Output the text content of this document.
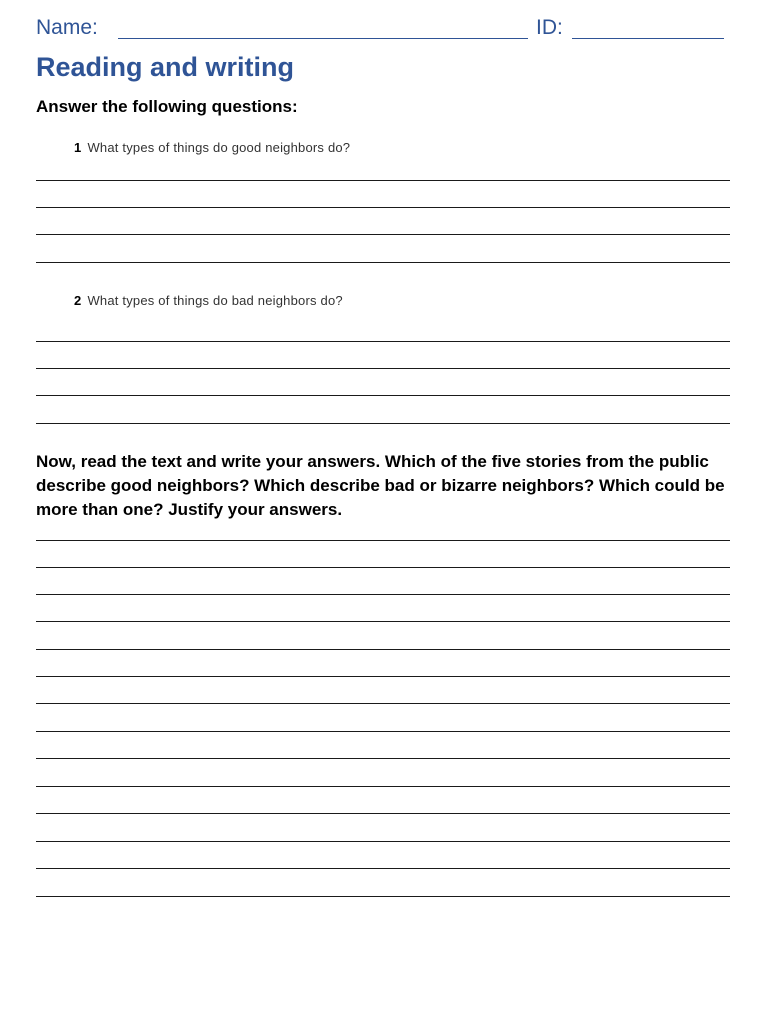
Name:	ID:
Reading and writing
Answer the following questions:
1 What types of things do good neighbors do?
2 What types of things do bad neighbors do?

Now, read the text and write your answers. Which of the five stories from the public describe good neighbors? Which describe bad or bizarre neighbors? Which could be more than one? Justify your answers.
